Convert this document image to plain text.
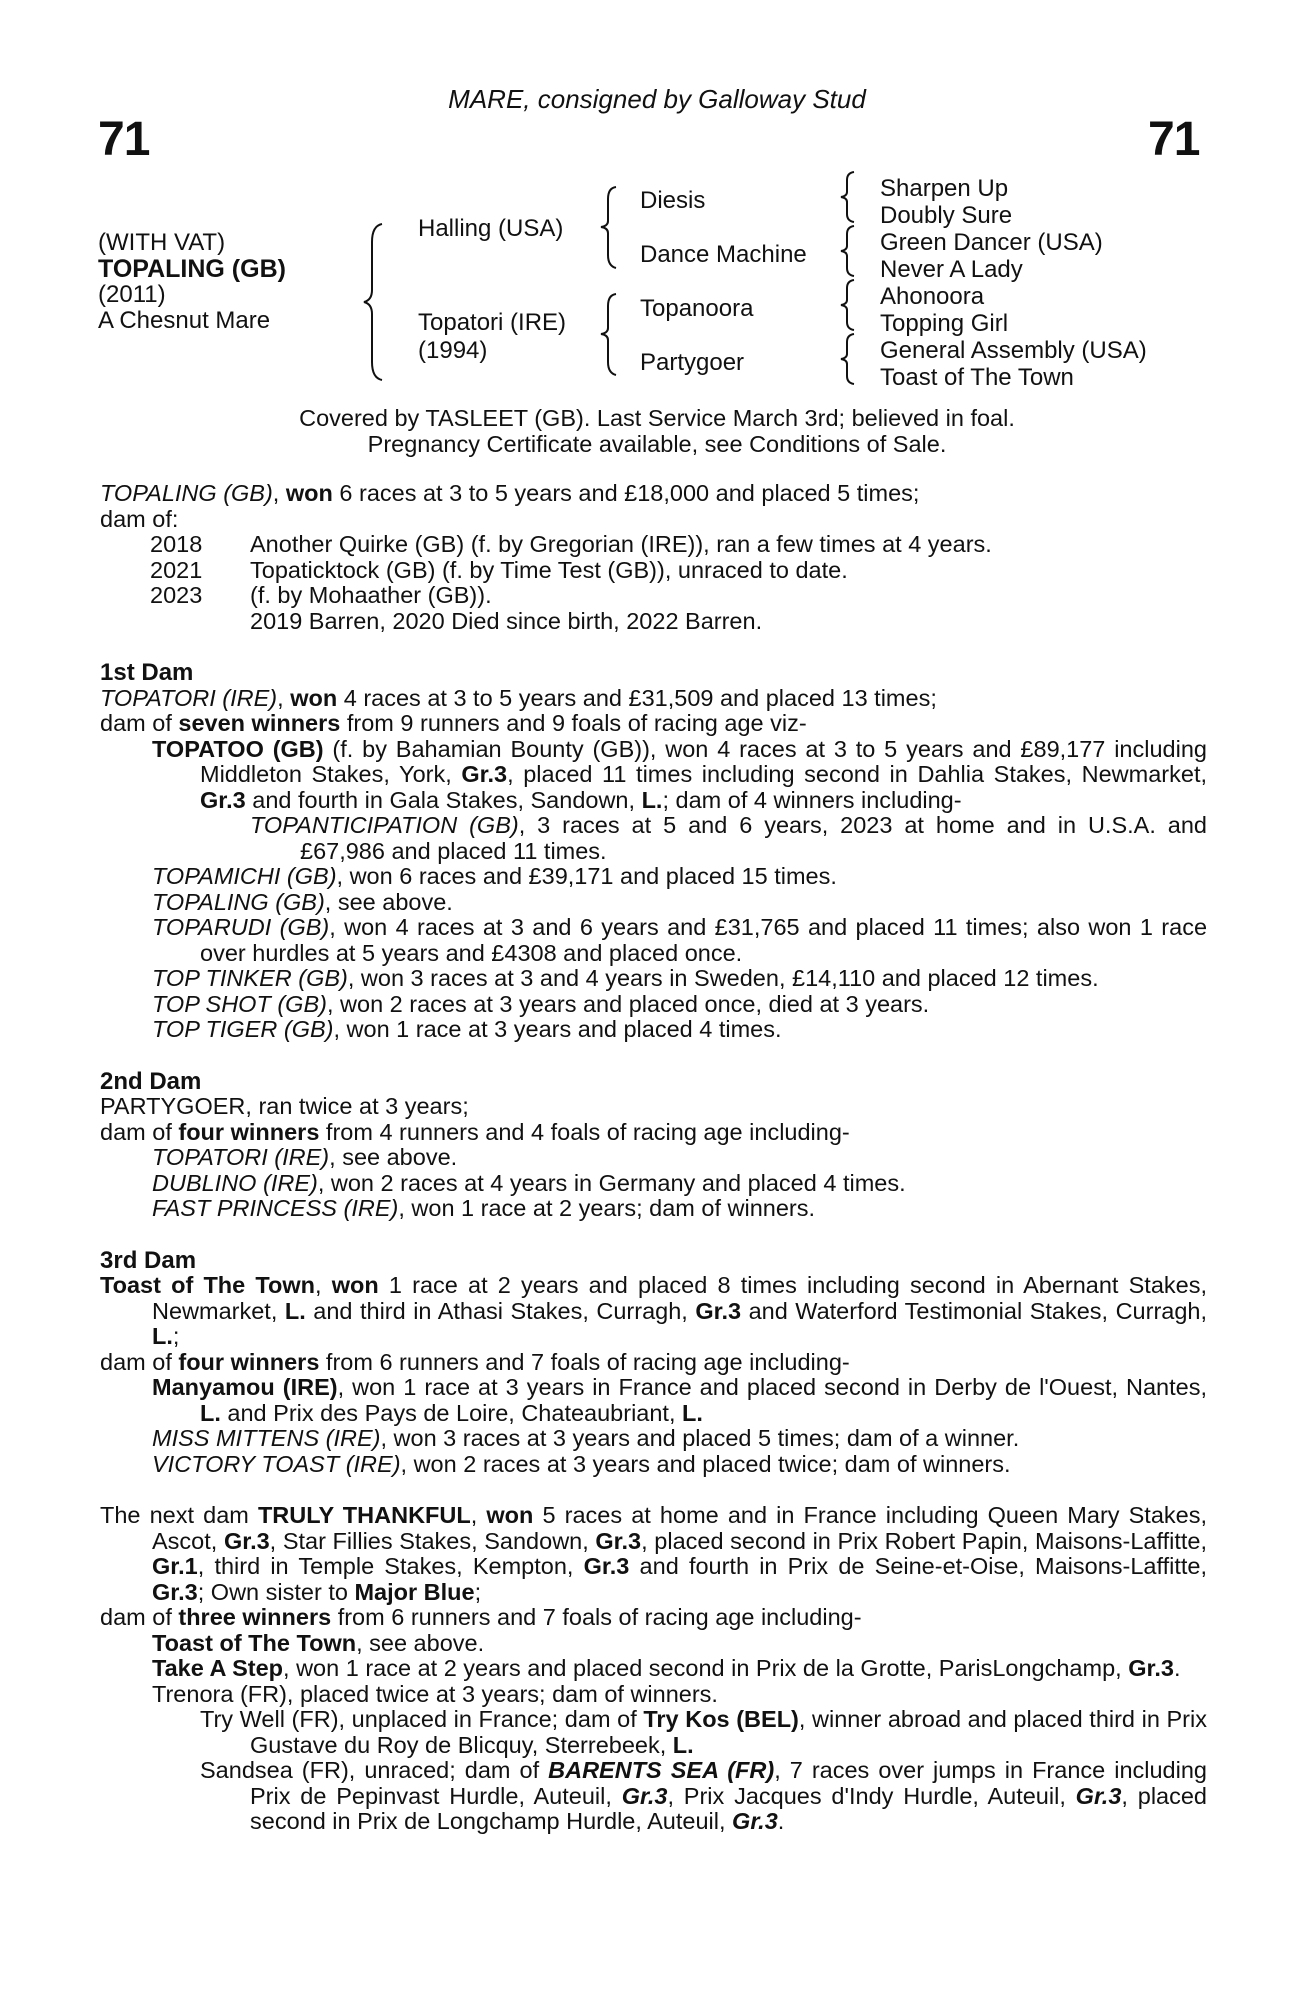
MARE, consigned by Galloway Stud
71	71
(WITH VAT)
TOPALING (GB)
(2011)
A Chesnut Mare
Halling (USA)
Topatori (IRE)
(1994)
Diesis
Dance Machine
Topanoora
Partygoer
Sharpen Up
Doubly Sure
Green Dancer (USA)
Never A Lady
Ahonoora
Topping Girl
General Assembly (USA)
Toast of The Town
Covered by TASLEET (GB). Last Service March 3rd; believed in foal.
Pregnancy Certificate available, see Conditions of Sale.

TOPALING (GB), won 6 races at 3 to 5 years and £18,000 and placed 5 times;

dam of:

2018	Another Quirke (GB) (f. by Gregorian (IRE)), ran a few times at 4 years.
2021	Topaticktock (GB) (f. by Time Test (GB)), unraced to date.
2023	(f. by Mohaather (GB)).
2019 Barren, 2020 Died since birth, 2022 Barren.

1st Dam

TOPATORI (IRE), won 4 races at 3 to 5 years and £31,509 and placed 13 times;

dam of seven winners from 9 runners and 9 foals of racing age viz-

TOPATOO (GB) (f. by Bahamian Bounty (GB)), won 4 races at 3 to 5 years and £89,177 including Middleton Stakes, York, Gr.3, placed 11 times including second in Dahlia Stakes, Newmarket, Gr.3 and fourth in Gala Stakes, Sandown, L.; dam of 4 winners including-

TOPANTICIPATION (GB), 3 races at 5 and 6 years, 2023 at home and in U.S.A. and £67,986 and placed 11 times.

TOPAMICHI (GB), won 6 races and £39,171 and placed 15 times.

TOPALING (GB), see above.

TOPARUDI (GB), won 4 races at 3 and 6 years and £31,765 and placed 11 times; also won 1 race over hurdles at 5 years and £4308 and placed once.

TOP TINKER (GB), won 3 races at 3 and 4 years in Sweden, £14,110 and placed 12 times.

TOP SHOT (GB), won 2 races at 3 years and placed once, died at 3 years.

TOP TIGER (GB), won 1 race at 3 years and placed 4 times.

2nd Dam

PARTYGOER, ran twice at 3 years;

dam of four winners from 4 runners and 4 foals of racing age including-

TOPATORI (IRE), see above.

DUBLINO (IRE), won 2 races at 4 years in Germany and placed 4 times.

FAST PRINCESS (IRE), won 1 race at 2 years; dam of winners.

3rd Dam

Toast of The Town, won 1 race at 2 years and placed 8 times including second in Abernant Stakes, Newmarket, L. and third in Athasi Stakes, Curragh, Gr.3 and Waterford Testimonial Stakes, Curragh, L.;

dam of four winners from 6 runners and 7 foals of racing age including-

Manyamou (IRE), won 1 race at 3 years in France and placed second in Derby de l'Ouest, Nantes, L. and Prix des Pays de Loire, Chateaubriant, L.

MISS MITTENS (IRE), won 3 races at 3 years and placed 5 times; dam of a winner.

VICTORY TOAST (IRE), won 2 races at 3 years and placed twice; dam of winners.

The next dam TRULY THANKFUL, won 5 races at home and in France including Queen Mary Stakes, Ascot, Gr.3, Star Fillies Stakes, Sandown, Gr.3, placed second in Prix Robert Papin, Maisons-Laffitte, Gr.1, third in Temple Stakes, Kempton, Gr.3 and fourth in Prix de Seine-et-Oise, Maisons-Laffitte, Gr.3; Own sister to Major Blue;

dam of three winners from 6 runners and 7 foals of racing age including-

Toast of The Town, see above.

Take A Step, won 1 race at 2 years and placed second in Prix de la Grotte, ParisLongchamp, Gr.3.

Trenora (FR), placed twice at 3 years; dam of winners.

Try Well (FR), unplaced in France; dam of Try Kos (BEL), winner abroad and placed third in Prix Gustave du Roy de Blicquy, Sterrebeek, L.

Sandsea (FR), unraced; dam of BARENTS SEA (FR), 7 races over jumps in France including Prix de Pepinvast Hurdle, Auteuil, Gr.3, Prix Jacques d'Indy Hurdle, Auteuil, Gr.3, placed second in Prix de Longchamp Hurdle, Auteuil, Gr.3.
